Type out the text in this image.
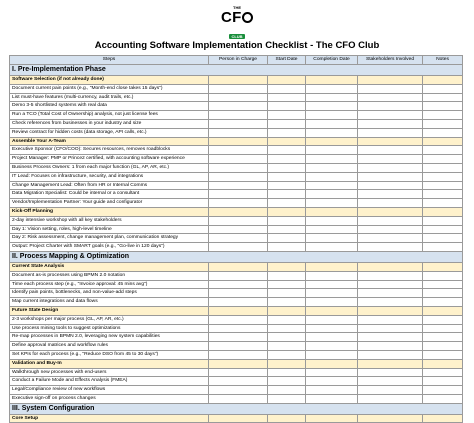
THE
CF
CLUB
Accounting Software Implementation Checklist - The CFO Club
Steps	Person in Charge	Start Date	Completion Date	Stakeholders Involved	Notes
I. Pre-Implementation Phase					
Software Selection (if not already done)					
Document current pain points (e.g., "Month-end close takes 15 days")					
List must-have features (multi-currency, audit trails, etc.)					
Demo 3-5 shortlisted systems with real data					
Run a TCO (Total Cost of Ownership) analysis, not just license fees					
Check references from businesses in your industry and size					
Review contract for hidden costs (data storage, API calls, etc.)					
Assemble Your A-Team					
Executive Sponsor (CFO/COO): Secures resources, removes roadblocks					
Project Manager: PMP or Prince2 certified, with accounting software experience					
Business Process Owners: 1 from each major function (GL, AP, AR, etc.)					
IT Lead: Focuses on infrastructure, security, and integrations					
Change Management Lead: Often from HR or Internal Comms					
Data Migration Specialist: Could be internal or a consultant					
Vendor/Implementation Partner: Your guide and configurator					
Kick-Off Planning					
2-day intensive workshop with all key stakeholders					
Day 1: Vision setting, roles, high-level timeline					
Day 2: Risk assessment, change management plan, communication strategy					
Output: Project Charter with SMART goals (e.g., "Go-live in 120 days")					
II. Process Mapping & Optimization					
Current State Analysis					
Document as-is processes using BPMN 2.0 notation					
Time each process step (e.g., "Invoice approval: 45 mins avg")					
Identify pain points, bottlenecks, and non-value-add steps					
Map current integrations and data flows					
Future State Design					
2-3 workshops per major process (GL, AP, AR, etc.)					
Use process mining tools to suggest optimizations					
Re-map processes in BPMN 2.0, leveraging new system capabilities					
Define approval matrices and workflow rules					
Set KPIs for each process (e.g., "Reduce DSO from 45 to 30 days")					
Validation and Buy-In					
Walkthrough new processes with end-users					
Conduct a Failure Mode and Effects Analysis (FMEA)					
Legal/Compliance review of new workflows					
Executive sign-off on process changes					
III. System Configuration					
Core Setup					
